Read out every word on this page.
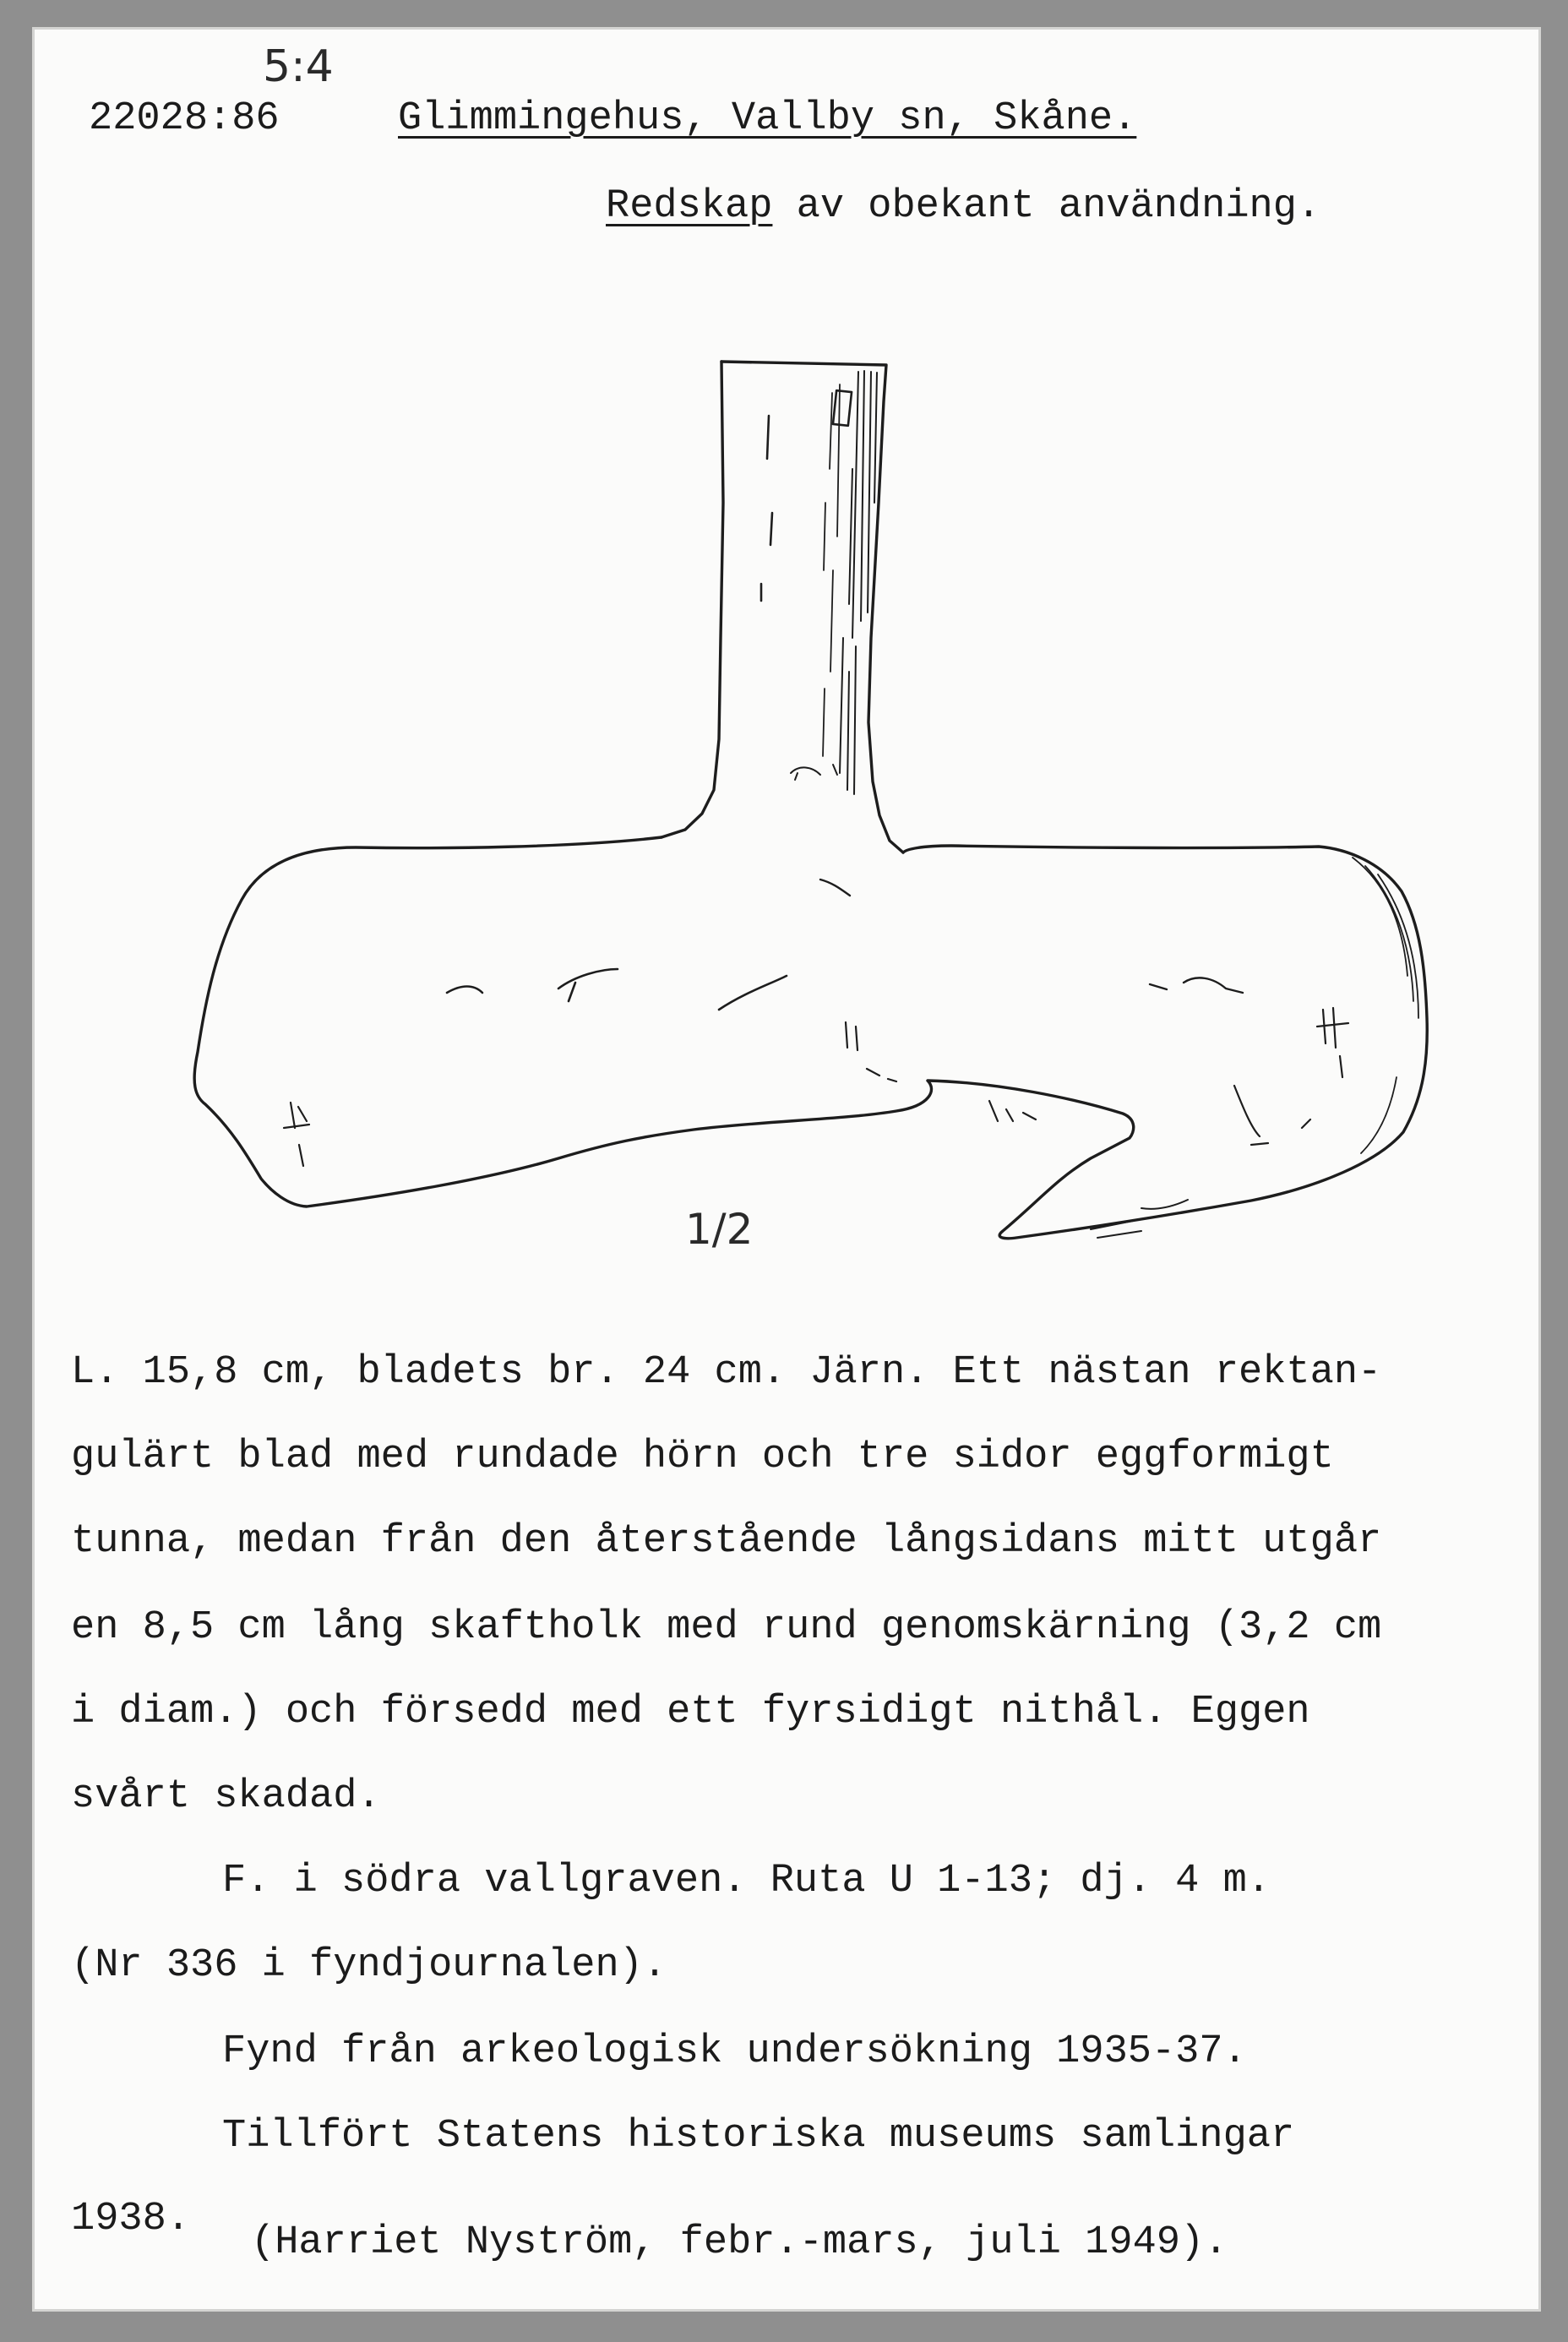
5:4
22028:86	Glimmingehus, Vallby sn, Skåne.
Redskap av obekant användning.
1/2
L. 15,8 cm, bladets br. 24 cm. Järn. Ett nästan rektan-
gulärt blad med rundade hörn och tre sidor eggformigt
tunna, medan från den återstående långsidans mitt utgår
en 8,5 cm lång skaftholk med rund genomskärning (3,2 cm
i diam.) och försedd med ett fyrsidigt nithål. Eggen
svårt skadad.
F. i södra vallgraven. Ruta U 1-13; dj. 4 m.
(Nr 336 i fyndjournalen).
Fynd från arkeologisk undersökning 1935-37.
Tillfört Statens historiska museums samlingar
1938.
(Harriet Nyström, febr.-mars, juli 1949).
